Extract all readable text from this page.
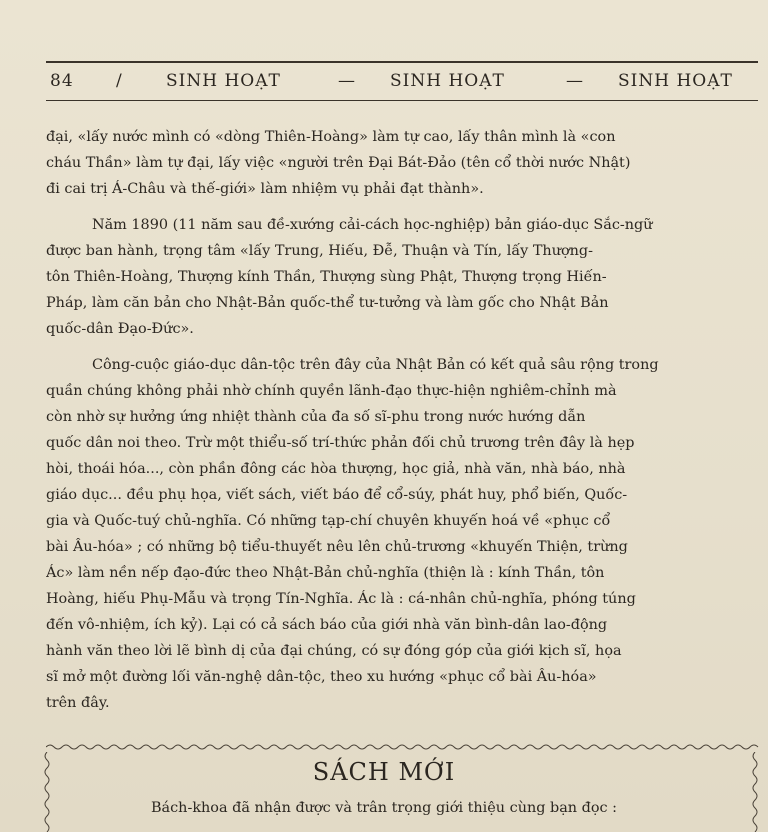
84 /	SINH HOẠT	— SINH HOẠT	— SINH HOẠT
đại, «lấy nước mình có «dòng Thiên-Hoàng» làm tự cao, lấy thân mình là «con
cháu Thần» làm tự đại, lấy việc «người trên Đại Bát-Đảo (tên cổ thời nước Nhật)
đi cai trị Á-Châu và thế-giới» làm nhiệm vụ phải đạt thành».
Năm 1890 (11 năm sau đề-xướng cải-cách học-nghiệp) bản giáo-dục Sắc-ngữ
được ban hành, trọng tâm «lấy Trung, Hiếu, Đễ, Thuận và Tín, lấy Thượng-
tôn Thiên-Hoàng, Thượng kính Thần, Thượng sùng Phật, Thượng trọng Hiến-
Pháp, làm căn bản cho Nhật-Bản quốc-thể tư-tưởng và làm gốc cho Nhật Bản
quốc-dân Đạo-Đức».
Công-cuộc giáo-dục dân-tộc trên đây của Nhật Bản có kết quả sâu rộng trong
quần chúng không phải nhờ chính quyền lãnh-đạo thực-hiện nghiêm-chỉnh mà
còn nhờ sự hưởng ứng nhiệt thành của đa số sĩ-phu trong nước hướng dẫn
quốc dân noi theo. Trừ một thiểu-số trí-thức phản đối chủ trương trên đây là hẹp
hòi, thoái hóa..., còn phần đông các hòa thượng, học giả, nhà văn, nhà báo, nhà
giáo dục... đều phụ họa, viết sách, viết báo để cổ-súy, phát huy, phổ biến, Quốc-
gia và Quốc-tuý chủ-nghĩa. Có những tạp-chí chuyên khuyến hoá về «phục cổ
bài Âu-hóa» ; có những bộ tiểu-thuyết nêu lên chủ-trương «khuyến Thiện, trừng
Ác» làm nền nếp đạo-đức theo Nhật-Bản chủ-nghĩa (thiện là : kính Thần, tôn
Hoàng, hiếu Phụ-Mẫu và trọng Tín-Nghĩa. Ác là : cá-nhân chủ-nghĩa, phóng túng
đến vô-nhiệm, ích kỷ). Lại có cả sách báo của giới nhà văn bình-dân lao-động
hành văn theo lời lẽ bình dị của đại chúng, có sự đóng góp của giới kịch sĩ, họa
sĩ mở một đường lối văn-nghệ dân-tộc, theo xu hướng «phục cổ bài Âu-hóa»
trên đây.
SÁCH MỚI
Bách-khoa đã nhận được và trân trọng giới thiệu cùng bạn đọc :
